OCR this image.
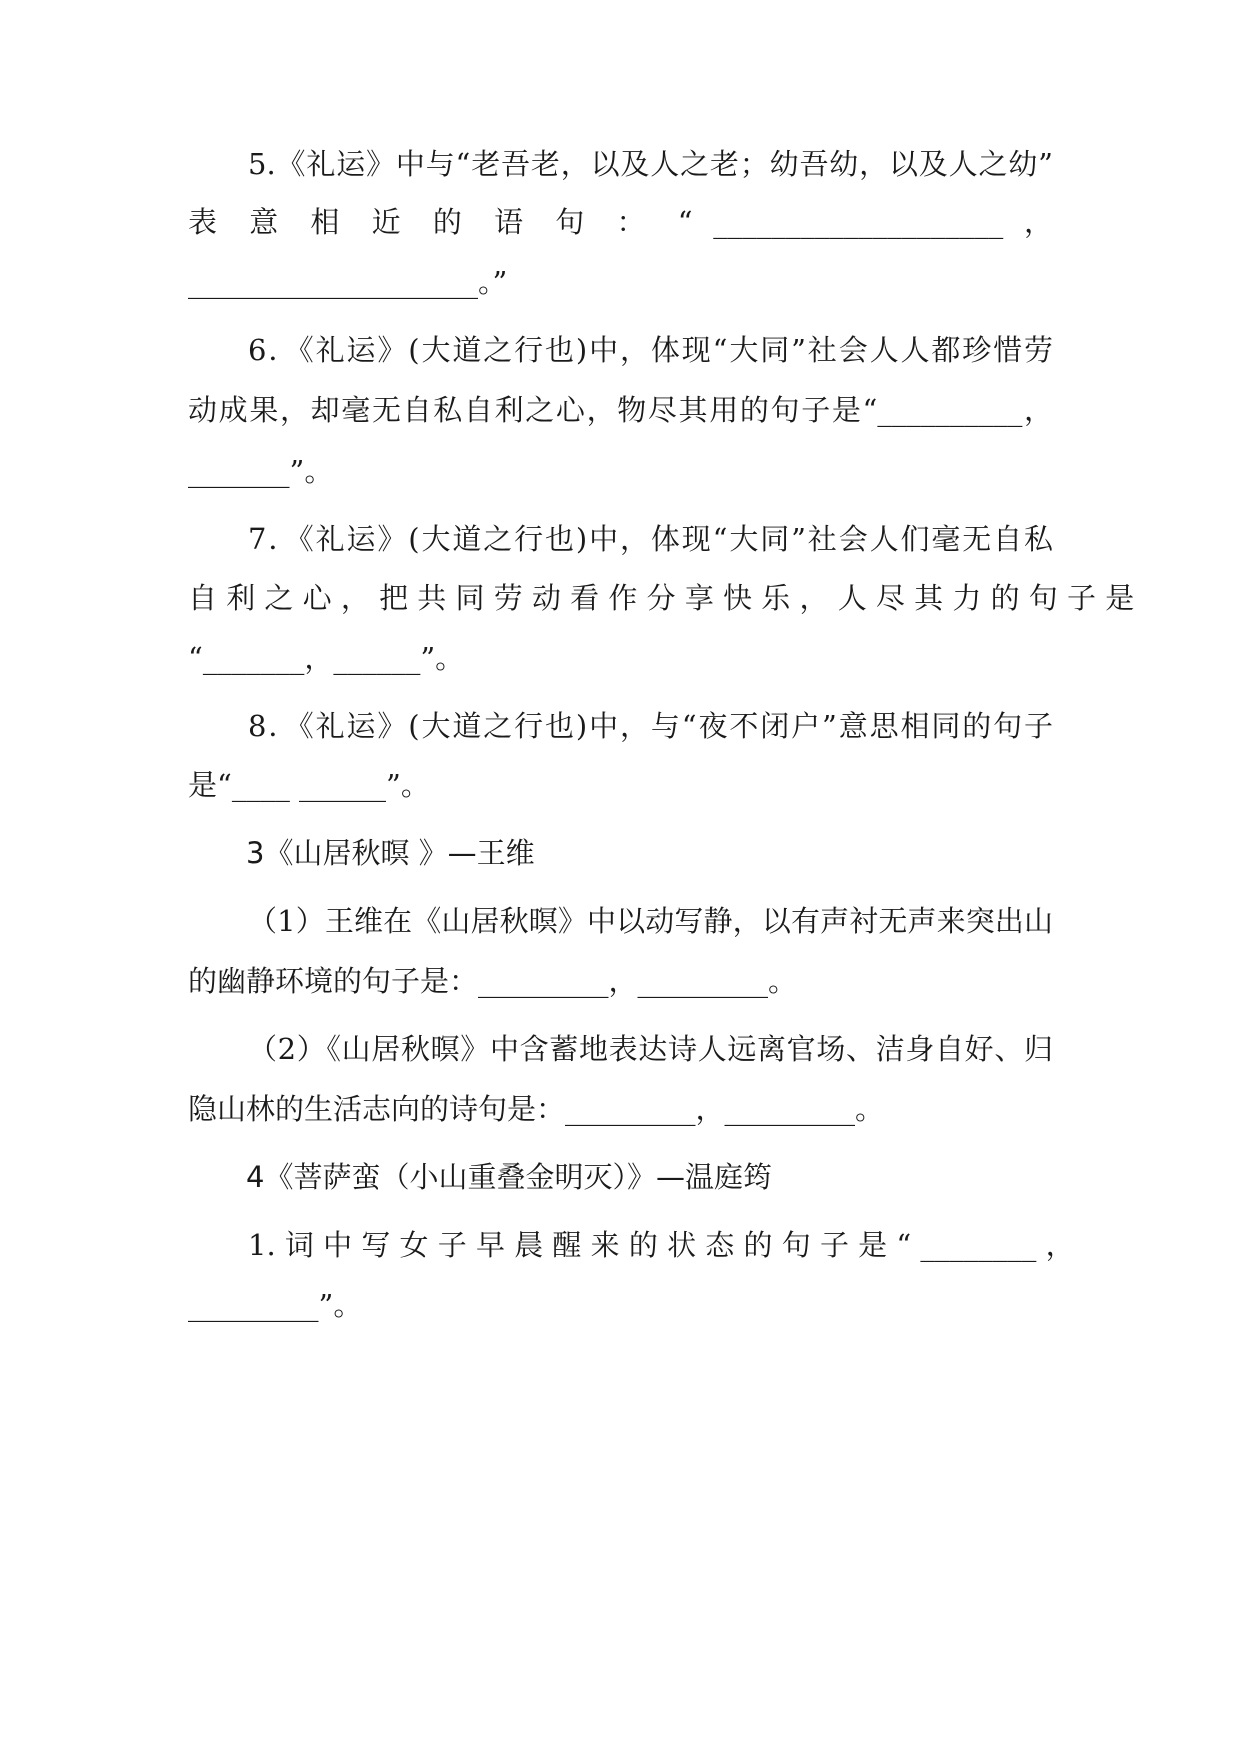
5.《礼运》中与“老吾老，以及人之老；幼吾幼，以及人之幼”
表 意 相 近 的 语 句 ： “ ____________________ ，
____________________。”
6．《礼运》(大道之行也)中，体现“大同”社会人人都珍惜劳
动成果，却毫无自私自利之心，物尽其用的句子是“__________，
_______”。
7．《礼运》(大道之行也)中，体现“大同”社会人们毫无自私
自 利 之 心 ， 把 共 同 劳 动 看 作 分 享 快 乐 ， 人 尽 其 力 的 句 子 是
“_______，______”。
8．《礼运》(大道之行也)中，与“夜不闭户”意思相同的句子
是“____ ______”。
3《山居秋暝 》—王维
（1）王维在《山居秋暝》中以动写静，以有声衬无声来突出山
的幽静环境的句子是：_________，_________。
（2）《山居秋暝》中含蓄地表达诗人远离官场、洁身自好、归
隐山林的生活志向的诗句是：_________，_________。
4《菩萨蛮（小山重叠金明灭）》—温庭筠
1. 词 中 写 女 子 早 晨 醒 来 的 状 态 的 句 子 是 “ ________ ，
_________”。
